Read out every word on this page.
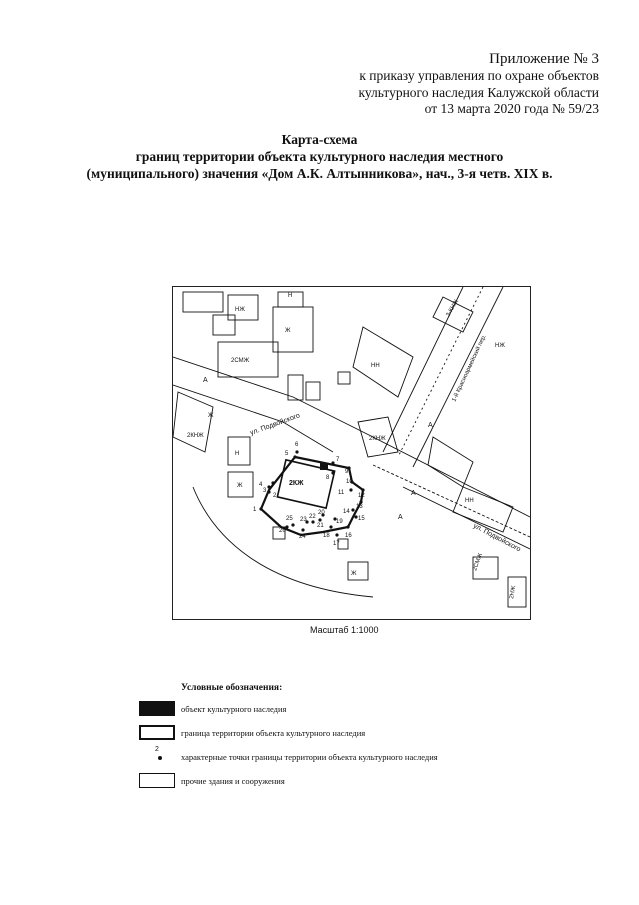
Приложение № 3
к приказу управления по охране объектов
культурного наследия Калужской области
от 13 марта 2020 года № 59/23
Карта-схема
границ территории объекта культурного наследия местного
(муниципального) значения «Дом А.К. Алтынникова», нач., 3-я четв. XIX в.
ул. Подвойского
ул. Подвойского
1-й Красноармейский пер.
2КЖ
НЖ
Ж
2СМЖ
2КНЖ
Н
НН
3-КНЖ
2КНЖ
НН
Ж
Ж
2СМЖ
2НЖ
Ж
НЖ
Н
А
А
А
А
1
2
3
4
5
6
7
8
9
10
11 12
13
14
15
16
17
18
19
20
21
22
23
24
25
26
Масштаб 1:1000
Условные обозначения:
объект культурного наследия
граница территории объекта культурного наследия
2
характерные точки границы территории объекта культурного наследия
прочие здания и сооружения
